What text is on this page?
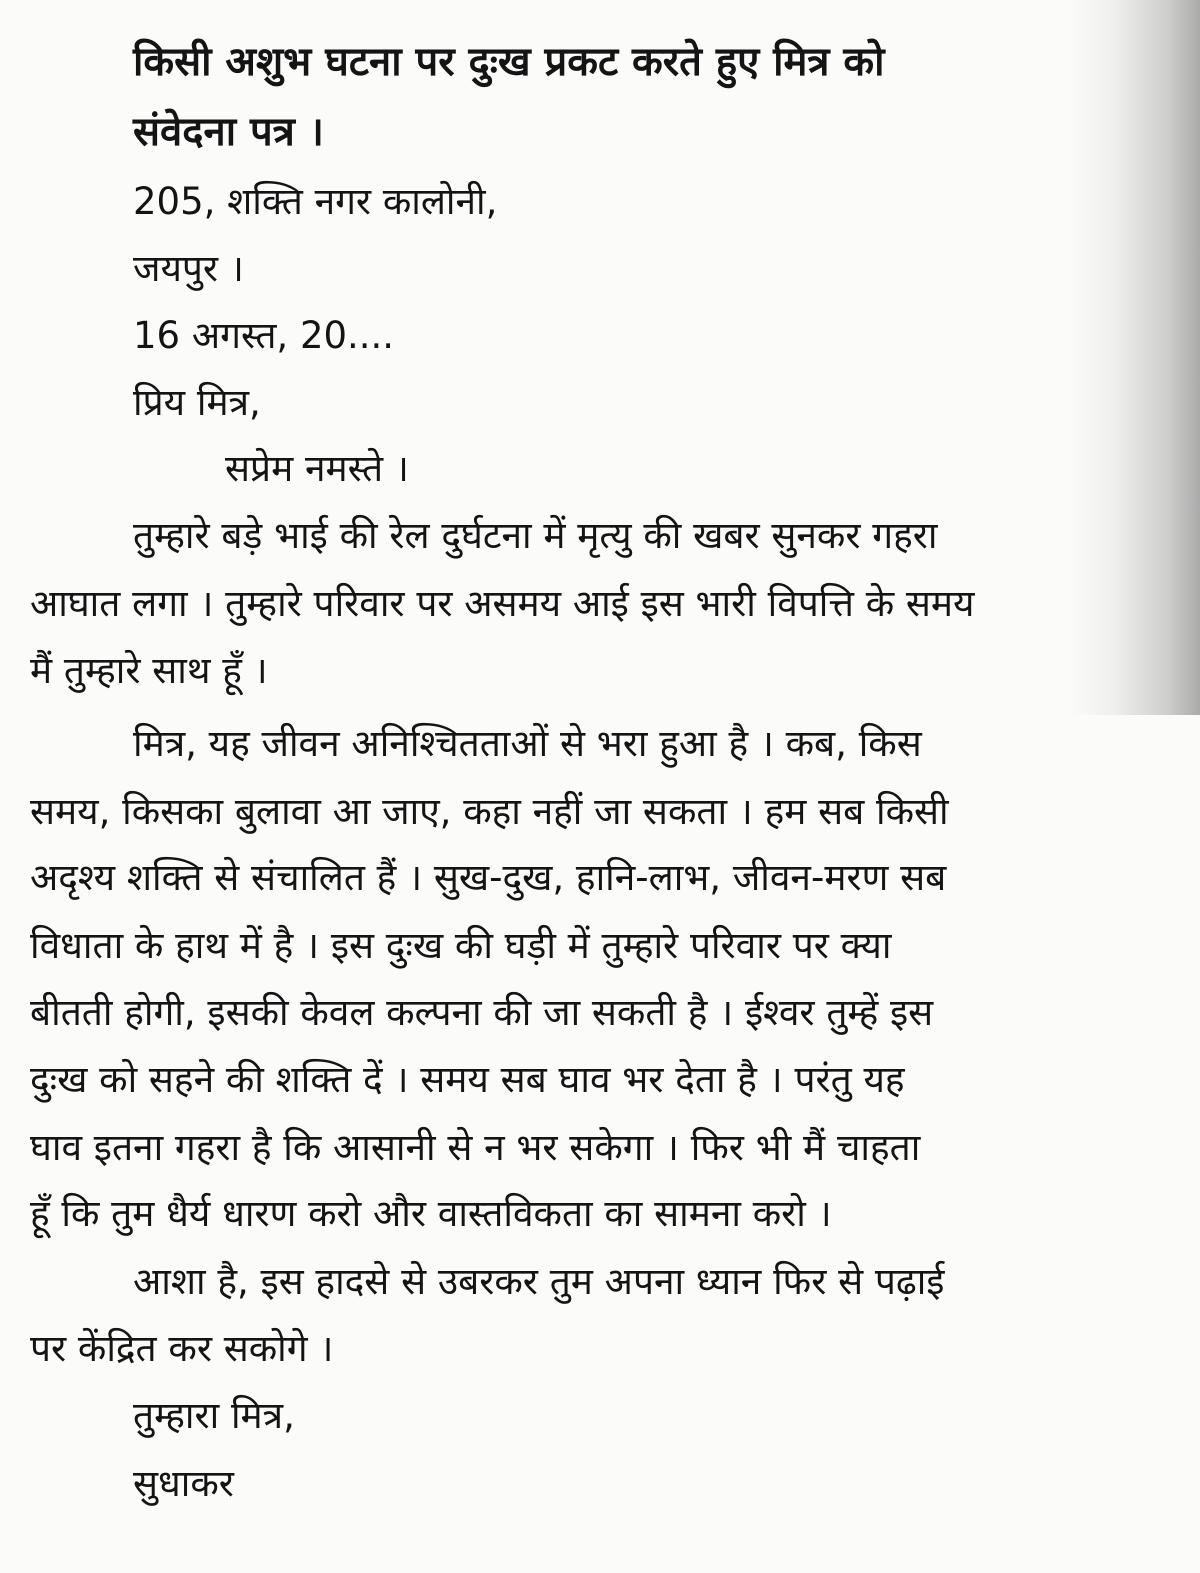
किसी अशुभ घटना पर दुःख प्रकट करते हुए मित्र को
संवेदना पत्र ।
205, शक्ति नगर कालोनी,
जयपुर ।
16 अगस्त, 20....
प्रिय मित्र,
सप्रेम नमस्ते ।
तुम्हारे बड़े भाई की रेल दुर्घटना में मृत्यु की खबर सुनकर गहरा
आघात लगा । तुम्हारे परिवार पर असमय आई इस भारी विपत्ति के समय
मैं तुम्हारे साथ हूँ ।
मित्र, यह जीवन अनिश्चितताओं से भरा हुआ है । कब, किस
समय, किसका बुलावा आ जाए, कहा नहीं जा सकता । हम सब किसी
अदृश्य शक्ति से संचालित हैं । सुख-दुख, हानि-लाभ, जीवन-मरण सब
विधाता के हाथ में है । इस दुःख की घड़ी में तुम्हारे परिवार पर क्या
बीतती होगी, इसकी केवल कल्पना की जा सकती है । ईश्वर तुम्हें इस
दुःख को सहने की शक्ति दें । समय सब घाव भर देता है । परंतु यह
घाव इतना गहरा है कि आसानी से न भर सकेगा । फिर भी मैं चाहता
हूँ कि तुम धैर्य धारण करो और वास्तविकता का सामना करो ।
आशा है, इस हादसे से उबरकर तुम अपना ध्यान फिर से पढ़ाई
पर केंद्रित कर सकोगे ।
तुम्हारा मित्र,
सुधाकर
